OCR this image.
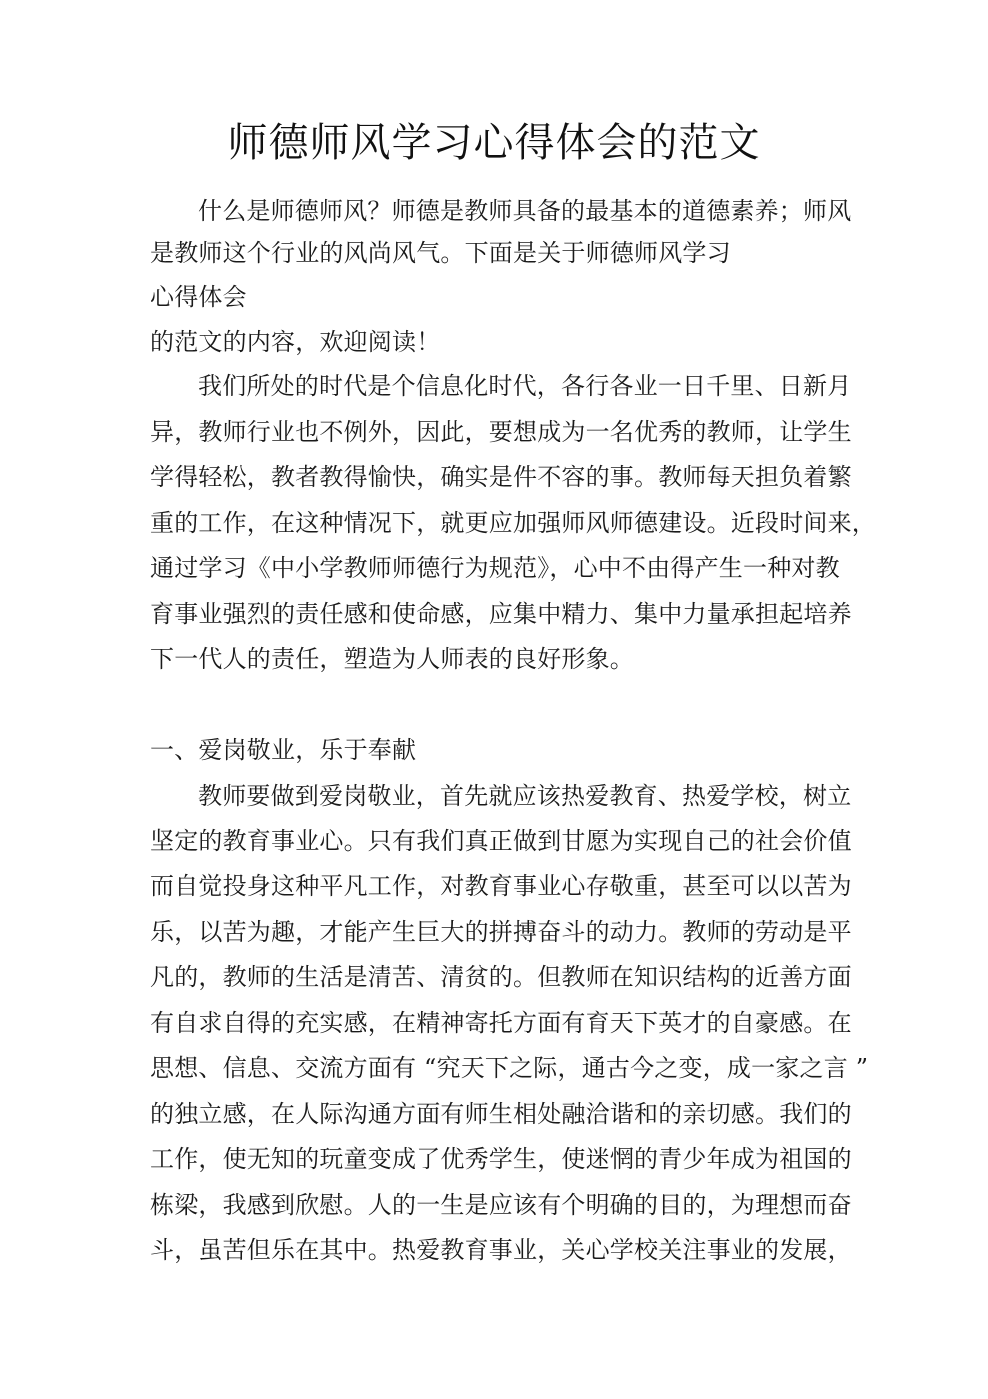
师德师风学习心得体会的范文
什么是师德师风？师德是教师具备的最基本的道德素养；师风
是教师这个行业的风尚风气。下面是关于师德师风学习
心得体会
的范文的内容，欢迎阅读！
我们所处的时代是个信息化时代，各行各业一日千里、日新月
异，教师行业也不例外，因此，要想成为一名优秀的教师，让学生
学得轻松，教者教得愉快，确实是件不容的事。教师每天担负着繁
重的工作，在这种情况下，就更应加强师风师德建设。近段时间来，
通过学习《中小学教师师德行为规范》，心中不由得产生一种对教
育事业强烈的责任感和使命感，应集中精力、集中力量承担起培养
下一代人的责任，塑造为人师表的良好形象。
一、爱岗敬业，乐于奉献
教师要做到爱岗敬业，首先就应该热爱教育、热爱学校，树立
坚定的教育事业心。只有我们真正做到甘愿为实现自己的社会价值
而自觉投身这种平凡工作，对教育事业心存敬重，甚至可以以苦为
乐，以苦为趣，才能产生巨大的拼搏奋斗的动力。教师的劳动是平
凡的，教师的生活是清苦、清贫的。但教师在知识结构的近善方面
有自求自得的充实感，在精神寄托方面有育天下英才的自豪感。在
思想、信息、交流方面有 “究天下之际，通古今之变，成一家之言 ”
的独立感，在人际沟通方面有师生相处融洽谐和的亲切感。我们的
工作，使无知的玩童变成了优秀学生，使迷惘的青少年成为祖国的
栋梁，我感到欣慰。人的一生是应该有个明确的目的，为理想而奋
斗，虽苦但乐在其中。热爱教育事业，关心学校关注事业的发展，
